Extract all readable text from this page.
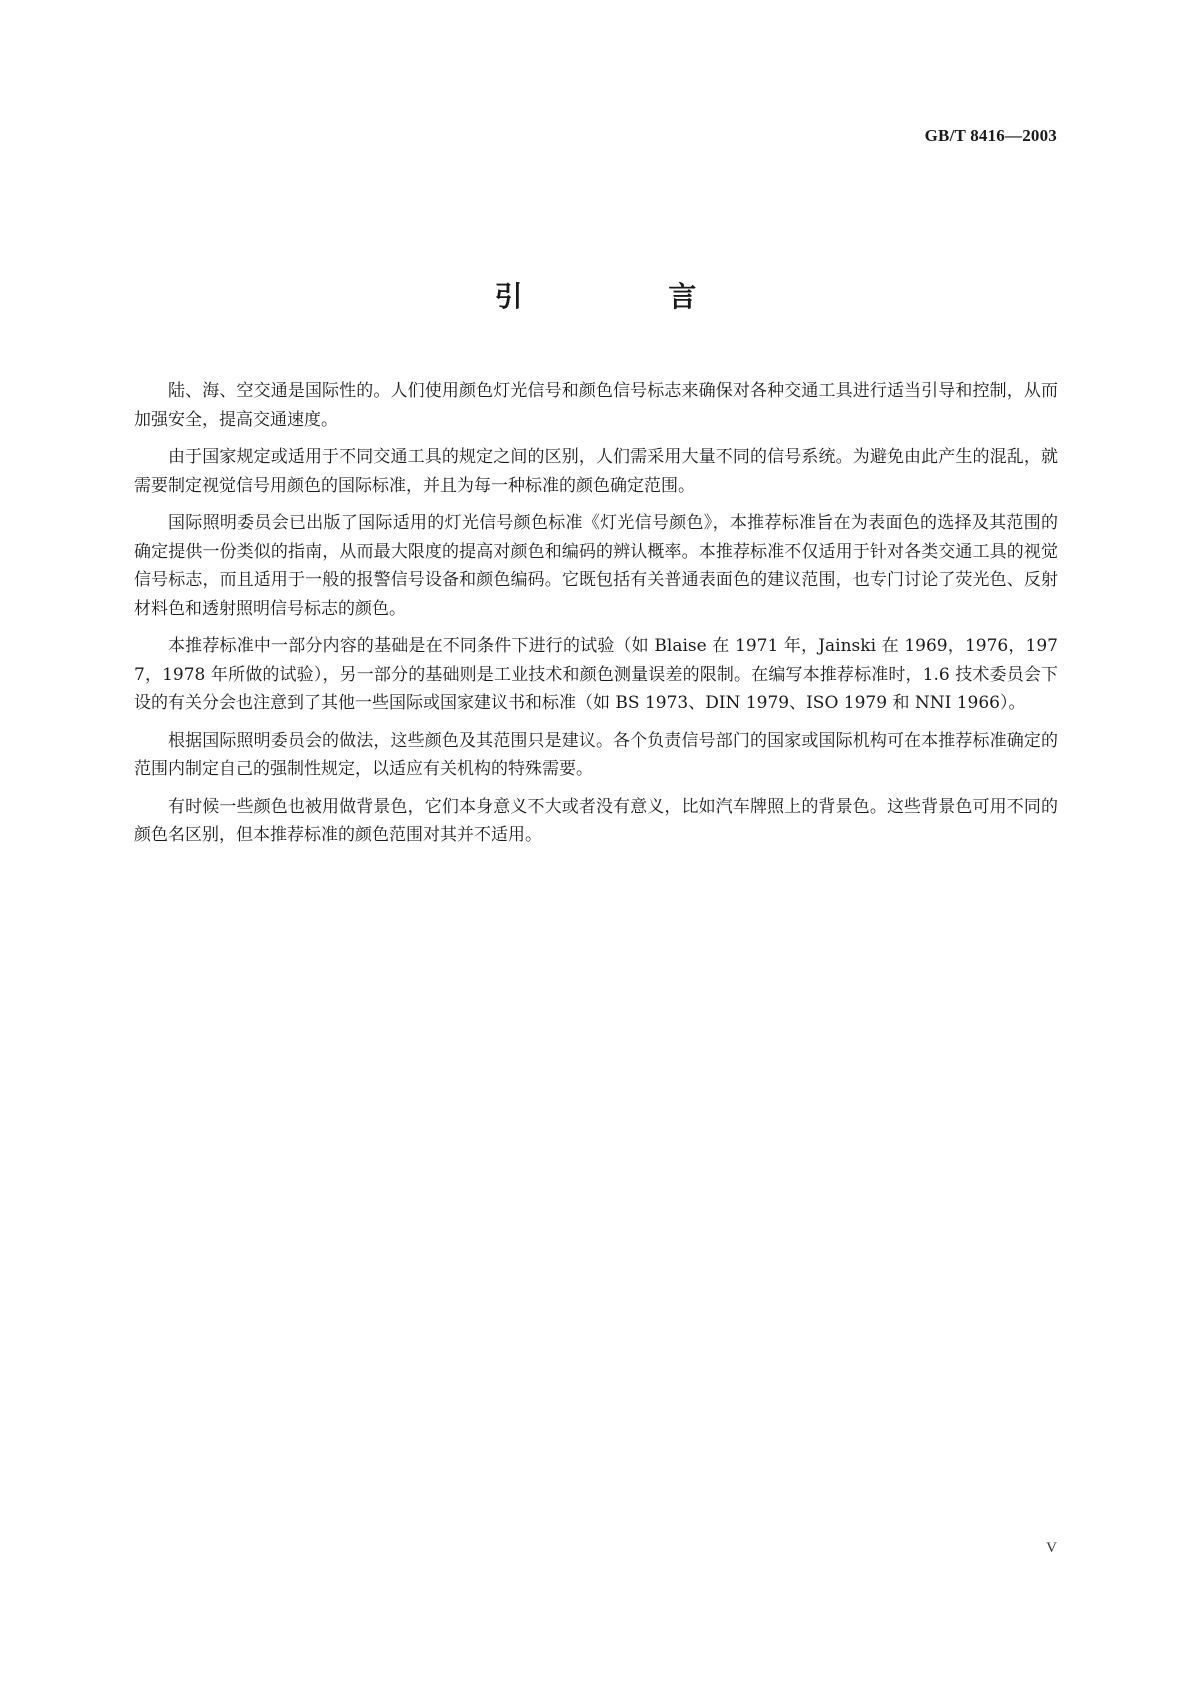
GB/T 8416—2003

引 言

陆、海、空交通是国际性的。人们使用颜色灯光信号和颜色信号标志来确保对各种交通工具进行适当引导和控制，从而加强安全，提高交通速度。

由于国家规定或适用于不同交通工具的规定之间的区别，人们需采用大量不同的信号系统。为避免由此产生的混乱，就需要制定视觉信号用颜色的国际标准，并且为每一种标准的颜色确定范围。

国际照明委员会已出版了国际适用的灯光信号颜色标准《灯光信号颜色》，本推荐标准旨在为表面色的选择及其范围的确定提供一份类似的指南，从而最大限度的提高对颜色和编码的辨认概率。本推荐标准不仅适用于针对各类交通工具的视觉信号标志，而且适用于一般的报警信号设备和颜色编码。它既包括有关普通表面色的建议范围，也专门讨论了荧光色、反射材料色和透射照明信号标志的颜色。

本推荐标准中一部分内容的基础是在不同条件下进行的试验（如 Blaise 在 1971 年，Jainski 在 1969，1976，1977，1978 年所做的试验），另一部分的基础则是工业技术和颜色测量误差的限制。在编写本推荐标准时，1.6 技术委员会下设的有关分会也注意到了其他一些国际或国家建议书和标准（如 BS 1973、DIN 1979、ISO 1979 和 NNI 1966）。

根据国际照明委员会的做法，这些颜色及其范围只是建议。各个负责信号部门的国家或国际机构可在本推荐标准确定的范围内制定自己的强制性规定，以适应有关机构的特殊需要。

有时候一些颜色也被用做背景色，它们本身意义不大或者没有意义，比如汽车牌照上的背景色。这些背景色可用不同的颜色名区别，但本推荐标准的颜色范围对其并不适用。

V
